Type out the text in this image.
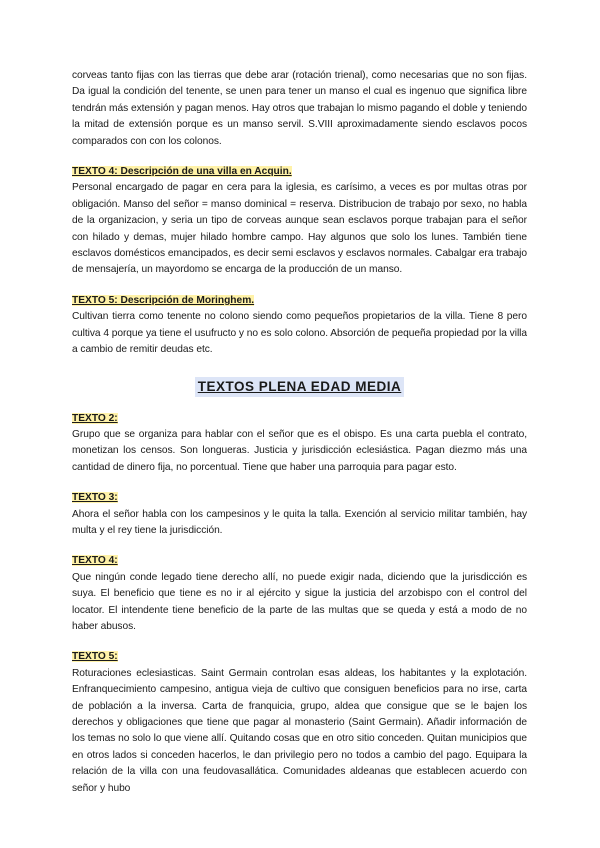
corveas tanto fijas con las tierras que debe arar (rotación trienal), como necesarias que no son fijas. Da igual la condición del tenente, se unen para tener un manso el cual es ingenuo que significa libre tendrán más extensión y pagan menos. Hay otros que trabajan lo mismo pagando el doble y teniendo la mitad de extensión porque es un manso servil. S.VIII aproximadamente siendo esclavos pocos comparados con con los colonos.

TEXTO 4: Descripción de una villa en Acquin.

Personal encargado de pagar en cera para la iglesia, es carísimo, a veces es por multas otras por obligación. Manso del señor = manso dominical = reserva. Distribucion de trabajo por sexo, no habla de la organizacion, y seria un tipo de corveas aunque sean esclavos porque trabajan para el señor con hilado y demas, mujer hilado hombre campo. Hay algunos que solo los lunes. También tiene esclavos domésticos emancipados, es decir semi esclavos y esclavos normales. Cabalgar era trabajo de mensajería, un mayordomo se encarga de la producción de un manso.

TEXTO 5: Descripción de Moringhem.

Cultivan tierra como tenente no colono siendo como pequeños propietarios de la villa. Tiene 8 pero cultiva 4 porque ya tiene el usufructo y no es solo colono. Absorción de pequeña propiedad por la villa a cambio de remitir deudas etc.

TEXTOS PLENA EDAD MEDIA

TEXTO 2:

Grupo que se organiza para hablar con el señor que es el obispo. Es una carta puebla el contrato, monetizan los censos. Son longueras. Justicia y jurisdicción eclesiástica. Pagan diezmo más una cantidad de dinero fija, no porcentual. Tiene que haber una parroquia para pagar esto.

TEXTO 3:

Ahora el señor habla con los campesinos y le quita la talla. Exención al servicio militar también, hay multa y el rey tiene la jurisdicción.

TEXTO 4:

Que ningún conde legado tiene derecho allí, no puede exigir nada, diciendo que la jurisdicción es suya. El beneficio que tiene es no ir al ejército y sigue la justicia del arzobispo con el control del locator. El intendente tiene beneficio de la parte de las multas que se queda y está a modo de no haber abusos.

TEXTO 5:

Roturaciones eclesiasticas. Saint Germain controlan esas aldeas, los habitantes y la explotación. Enfranquecimiento campesino, antigua vieja de cultivo que consiguen beneficios para no irse, carta de población a la inversa. Carta de franquicia, grupo, aldea que consigue que se le bajen los derechos y obligaciones que tiene que pagar al monasterio (Saint Germain). Añadir información de los temas no solo lo que viene allí. Quitando cosas que en otro sitio conceden. Quitan municipios que en otros lados si conceden hacerlos, le dan privilegio pero no todos a cambio del pago. Equipara la relación de la villa con una feudovasallática. Comunidades aldeanas que establecen acuerdo con señor y hubo
